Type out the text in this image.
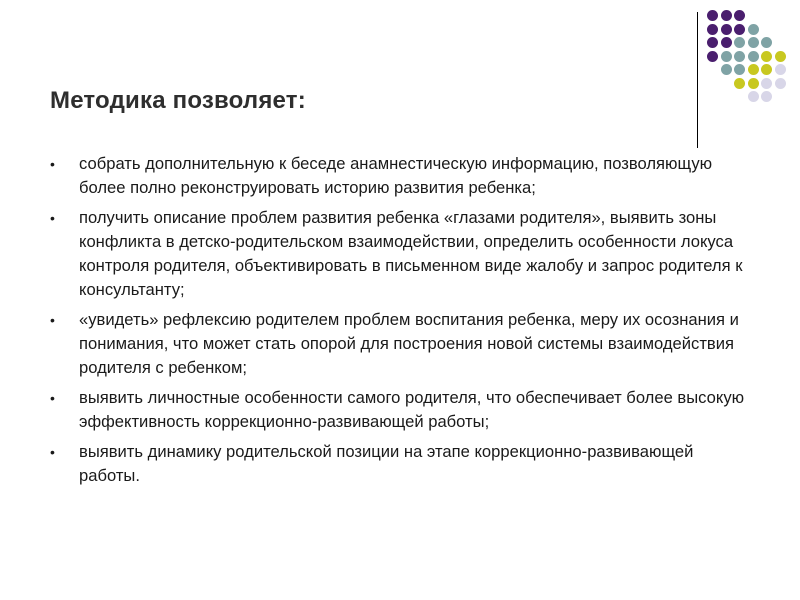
Методика позволяет:
• собрать дополнительную к беседе анамнестическую информацию, позволяющую более полно реконструировать историю развития ребенка;
• получить описание проблем развития ребенка «глазами родителя», выявить зоны конфликта в детско-родительском взаимодействии, определить особенности локуса контроля родителя, объективировать в письменном виде жалобу и запрос родителя к консультанту;
• «увидеть» рефлексию родителем проблем воспитания ребенка, меру их осознания и понимания, что может стать опорой для построения новой системы взаимодействия родителя с ребенком;
• выявить личностные особенности самого родителя, что обеспечивает более высокую эффективность коррекционно-развивающей работы;
• выявить динамику родительской позиции на этапе коррекционно-развивающей работы.
